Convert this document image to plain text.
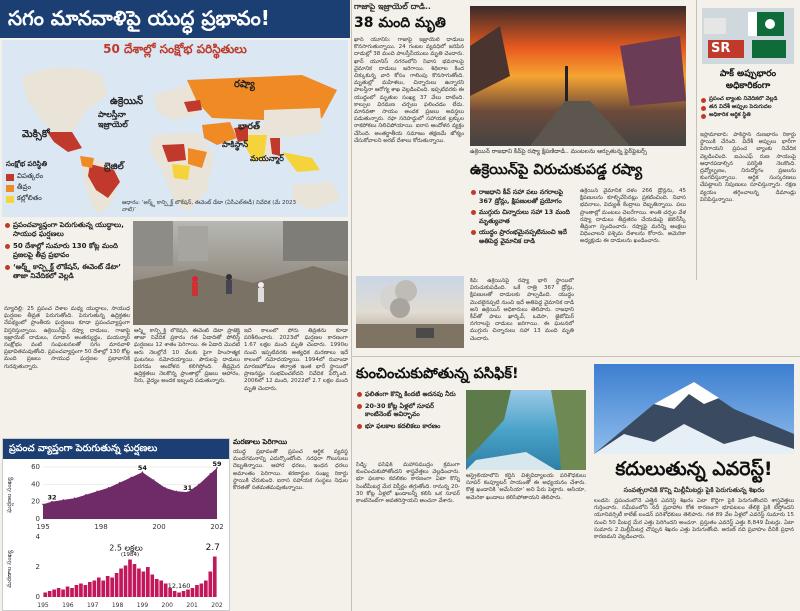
సగం మానవాళిపై యుద్ధ ప్రభావం!
50 దేశాల్లో సంక్షోభ పరిస్థితులు
రష్యా
ఉక్రెయిన్
పాలస్తీనా
ఇజ్రాయెల్
మెక్సికో
భారత్
పాకిస్థాన్
మయన్మార్
బ్రెజిల్
సంక్షోభ పరిస్థితి
విపత్కరం
తీవ్రం
కల్లోలితం
ఆధారం: ‘అర్మ్డ్ కాన్ఫ్లిక్ట్ లొకేషన్, ఈవెంట్ డేటా (ఏసీఎల్ఈడీ) నివేదిక (మే 2023 నాటి)’
ప్రపంచవ్యాప్తంగా పెరుగుతున్న యుద్ధాలు, సాయుధ ఘర్షణలు
50 దేశాల్లో సుమారు 130 కోట్ల మంది ప్రజలపై తీవ్ర ప్రభావం
‘అర్మ్డ్ కాన్ఫ్లిక్ట్ లొకేషన్, ఈవెంట్ డేటా’ తాజా నివేదికలో వెల్లడి
న్యూదిల్లీ: 25 ప్రపంచ దేశాల మధ్య యుద్ధాలు, సాయుధ ఘర్షణల తీవ్రత పెరుగుతోంది. పెరుగుతున్న ఉద్రిక్తతల నేపథ్యంలో ప్రాంతీయ ఘర్షణలు కూడా ప్రపంచవ్యాప్తంగా విస్తరిస్తున్నాయి. ఉక్రెయిన్‌పై రష్యా దాడులు, గాజాపై ఇజ్రాయెల్ దాడులు, సూడాన్ అంతర్యుద్ధం, మయన్మార్ సంక్షోభం వంటి సంఘటనలతో సగం మానవాళి ప్రభావితమవుతోంది. ప్రపంచవ్యాప్తంగా 50 దేశాల్లో 130 కోట్ల మంది ప్రజలు సాయుధ ఘర్షణల ప్రభావానికి గురవుతున్నారు.
ఆర్మ్డ్ కాన్ఫ్లిక్ట్ లొకేషన్, ఈవెంట్ డేటా ప్రాజెక్ట్ తాజా నివేదిక ప్రకారం గత ఏడాదితో పోలిస్తే ఘర్షణలు 12 శాతం పెరిగాయి. ఈ ఏడాది మొదటి ఆరు నెలల్లోనే 10 వేలకు పైగా హింసాత్మక ఘటనలు నమోదయ్యాయి. పౌరులపై దాడులు పెరగడం ఆందోళన కలిగిస్తోంది. తీవ్రమైన ఉద్రిక్తతలు నెలకొన్న ప్రాంతాల్లో ప్రజలు ఆహారం, నీరు, వైద్యం అందక ఇబ్బంది పడుతున్నారు.
ఇదే కాలంలో పోరు తీవ్రతను కూడా పరిశీలించారు. 2023లో ఘర్షణల కారణంగా 1.67 లక్షల మంది మృతి చెందారు. 1990ల నుంచి ఇప్పటివరకు అత్యధిక మరణాలు ఇదే కాలంలో నమోదయ్యాయి. 1994లో రువాండా మారణహోమం తర్వాత ఇంత భారీ స్థాయిలో ప్రాణనష్టం సంభవించలేదని నివేదిక పేర్కొంది. 2006లో 12 మంది, 2022లో 2.7 లక్షల మంది మృతి చెందారు.
ప్రపంచ వ్యాప్తంగా పెరుగుతున్న ఘర్షణలు
0
20
40
60
32
54
31
59
ఘర్షణల సంఖ్య
195	198	200	202
0
2
4
2.5 లక్షలు
(1984)
12,160
2.7
మరణాల సంఖ్య
195 196 197 198 199 200 201 202
మరణాలు పెరిగాయి
యుద్ధ ప్రభావంతో ప్రపంచ ఆర్థిక వ్యవస్థ మందగమనాన్ని ఎదుర్కొంటోంది. సరఫరా గొలుసులు దెబ్బతిన్నాయి. ఆహార ధరలు, ఇంధన ధరలు అమాంతం పెరిగాయి. శరణార్థుల సంఖ్య రికార్డు స్థాయికి చేరుకుంది. ఐరాస సహాయక సంస్థలు నిధుల కొరతతో సతమతమవుతున్నాయి.
గాజాపై ఇజ్రాయెల్ దాడి..
38 మంది మృతి
ఖాన్ యూనిస్: గాజాపై ఇజ్రాయెల్ దాడులు కొనసాగుతున్నాయి. 24 గంటల వ్యవధిలో జరిపిన దాడుల్లో 38 మంది పాలస్తీనీయులు మృతి చెందారు. ఖాన్ యూనిస్ నగరంలోని నివాస భవనాలపై వైమానిక దాడులు జరిగాయి. శిథిలాల కింద చిక్కుకున్న వారి కోసం గాలింపు కొనసాగుతోంది. మృతుల్లో మహిళలు, చిన్నారులు ఉన్నారని పాలస్తీనా ఆరోగ్య శాఖ వెల్లడించింది. ఇప్పటివరకు ఈ యుద్ధంలో మృతుల సంఖ్య 37 వేలు దాటింది. కాల్పుల విరమణ చర్చలు ఫలించడం లేదు. మానవతా సాయం అందక ప్రజలు అవస్థలు పడుతున్నారు. రఫా సరిహద్దులో సహాయక ట్రక్కుల రాకపోకలు నిలిచిపోయాయి. ఐరాస ఆందోళన వ్యక్తం చేసింది. అంతర్జాతీయ సమాజం తక్షణమే జోక్యం చేసుకోవాలని అరబ్ దేశాలు కోరుతున్నాయి.
ఉక్రెయిన్ రాజధాని కీవ్‌పై రష్యా క్షిపణిదాడి.. మంటలను ఆర్పుతున్న ఫైర్‌ఫైటర్స్
ఉక్రెయిన్‌పై విరుచుకుపడ్డ రష్యా
రాజధాని కీవ్‌ సహా పలు నగరాలపై 367 డ్రోన్లు, క్షిపణులతో ప్రయోగం
ముగ్గురు చిన్నారులు సహా 13 మంది మృత్యువాత
యుద్ధం ప్రారంభమైనప్పటినుంచి ఇదే అతిపెద్ద వైమానిక దాడి
కీవ్: ఉక్రెయిన్‌పై రష్యా భారీ స్థాయిలో విరుచుకుపడింది. ఒకే రాత్రి 367 డ్రోన్లు, క్షిపణులతో దాడులకు పాల్పడింది. యుద్ధం మొదలైనప్పటి నుంచి ఇదే అతిపెద్ద వైమానిక దాడి అని ఉక్రెయిన్ అధికారులు తెలిపారు. రాజధాని కీవ్‌తో పాటు ఖార్కివ్, ఒడెసా, జైటోమిర్ నగరాలపై దాడులు జరిగాయి. ఈ ఘటనలో ముగ్గురు చిన్నారులు సహా 13 మంది మృతి చెందారు.
ఉక్రెయిన్ వైమానిక దళం 266 డ్రోన్లను, 45 క్షిపణులను కూల్చివేసినట్లు ప్రకటించింది. నివాస భవనాలు, విద్యుత్ కేంద్రాలు దెబ్బతిన్నాయి. పలు ప్రాంతాల్లో మంటలు చెలరేగాయి. శాంతి చర్చల వేళ రష్యా దాడులు తీవ్రతరం చేయడంపై జెలెన్‌స్కీ తీవ్రంగా స్పందించారు. రష్యాపై మరిన్ని ఆంక్షలు విధించాలని పశ్చిమ దేశాలను కోరారు. అమెరికా అధ్యక్షుడు ఈ దాడులను ఖండించారు.
SR
పాక్ అప్పుభారం అధికారికంగా
ప్రపంచ బ్యాంకు నివేదికలో వెల్లడి
తన విదేశీ అప్పుల పెరుగుదల
అధికారిక ఆర్థిక స్థితి
ఇస్లామాబాద్: పాకిస్థాన్ రుణభారం రికార్డు స్థాయికి చేరింది. విదేశీ అప్పులు భారీగా పెరిగాయని ప్రపంచ బ్యాంకు నివేదిక వెల్లడించింది. ఐఎంఎఫ్ రుణ సాయంపై ఆధారపడాల్సిన పరిస్థితి నెలకొంది. ద్రవ్యోల్బణం, నిరుద్యోగం ప్రజలను కుంగదీస్తున్నాయి. ఆర్థిక సంస్కరణలు చేపట్టాలని నిపుణులు సూచిస్తున్నారు. రక్షణ వ్యయం తగ్గించాలన్న డిమాండ్లు వినిపిస్తున్నాయి.
కుంచించుకుపోతున్న పసిఫిక్!
ఫలితంగా కొన్ని కిందటి అదనపు నీరు
20-30 కోట్ల ఏళ్లలో సూపర్ కాంటినెంట్ ఆవిర్భావం
భూ ఫలకాల కదలికలు కారణం
సిడ్నీ: పసిఫిక్ మహాసముద్రం క్రమంగా కుంచించుకుపోతోందని శాస్త్రవేత్తలు వెల్లడించారు. భూ ఫలకాల కదలికల కారణంగా ఏటా కొన్ని సెంటీమీటర్ల మేర విస్తీర్ణం తగ్గుతోంది. రానున్న 20-30 కోట్ల ఏళ్లలో ఖండాలన్నీ కలిసి ఒక సూపర్ కాంటినెంట్‌గా అవతరిస్తాయని అంచనా వేశారు.
ఆస్ట్రేలియాలోని కర్టిన్ విశ్వవిద్యాలయ పరిశోధకులు సూపర్ కంప్యూటర్ సాయంతో ఈ అధ్యయనం చేశారు. కొత్త ఖండానికి ‘అమేసియా’ అని పేరు పెట్టారు. ఆసియా, అమెరికా ఖండాలు కలిసిపోతాయని తెలిపారు.
కదులుతున్న ఎవరెస్ట్!
సంవత్సరానికి కొన్ని మిల్లీమీటర్లు పైకి పెరుగుతున్న శిఖరం
లండన్: ప్రపంచంలోనే ఎత్తైన ఎవరెస్ట్ శిఖరం ఏటా కొద్దిగా పైకి పెరుగుతోందని శాస్త్రవేత్తలు గుర్తించారు. సమీపంలోని నదీ ప్రవాహాల కోత కారణంగా భూపటలం తేలికై పైకి లేస్తోందని యూనివర్సిటీ కాలేజ్ లండన్ పరిశోధకులు తెలిపారు. గత 89 వేల ఏళ్లలో ఎవరెస్ట్ సుమారు 15 నుంచి 50 మీటర్ల మేర ఎత్తు పెరిగిందని అంచనా. ప్రస్తుతం ఎవరెస్ట్ ఎత్తు 8,849 మీటర్లు. ఏటా సుమారు 2 మిల్లీమీటర్ల చొప్పున శిఖరం ఎత్తు పెరుగుతోంది. అరుణ్ నది ప్రవాహం దీనికి ప్రధాన కారణమని వెల్లడించారు.
